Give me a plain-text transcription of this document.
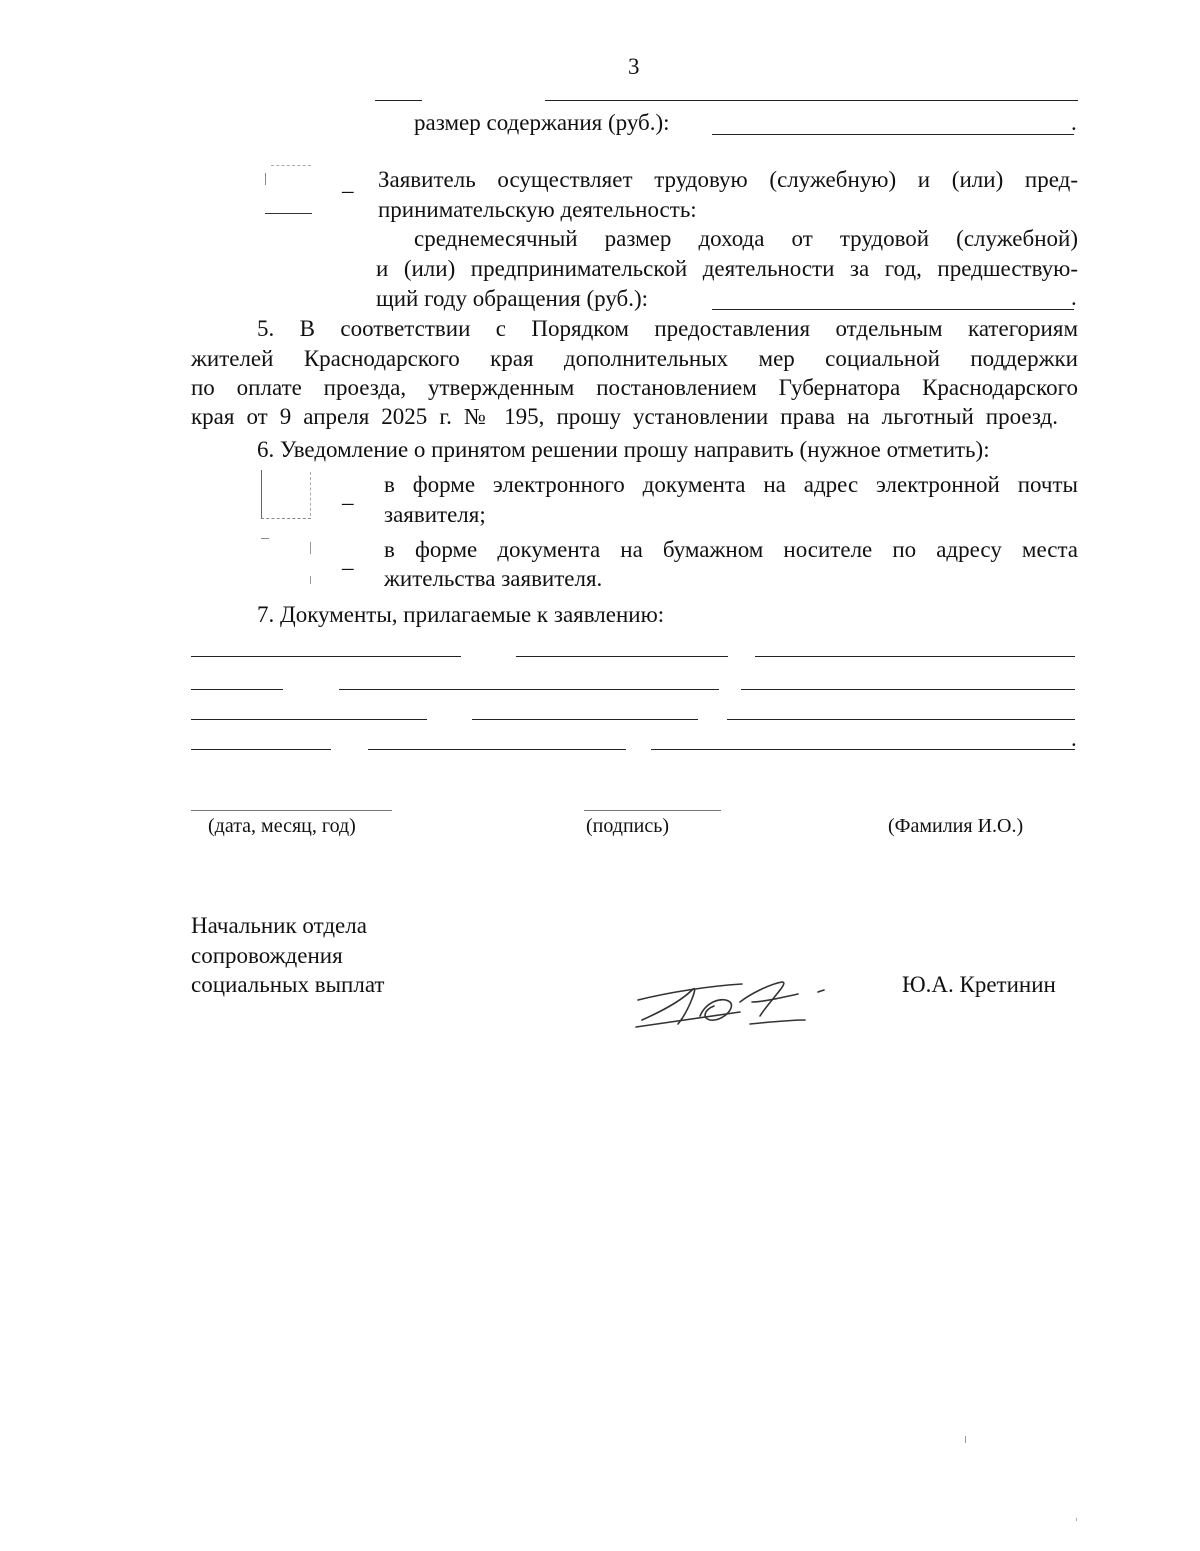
3
размер содержания (руб.):	.
_ Заявитель осуществляет трудовую (служебную) и (или) пред-
принимательскую деятельность:
среднемесячный размер дохода от трудовой (служебной)
и (или) предпринимательской деятельности за год, предшествую-
щий году обращения (руб.):	.
5. В соответствии с Порядком предоставления отдельным категориям
жителей Краснодарского края дополнительных мер социальной поддержки
по оплате проезда, утвержденным постановлением Губернатора Краснодарского
края от 9 апреля 2025 г. № 195, прошу установлении права на льготный проезд.
6. Уведомление о принятом решении прошу направить (нужное отметить):
_ в форме электронного документа на адрес электронной почты
заявителя;
_ в форме документа на бумажном носителе по адресу места
жительства заявителя.
7. Документы, прилагаемые к заявлению:
.
(дата, месяц, год)	(подпись)	(Фамилия И.О.)
Начальник отдела
сопровождения
социальных выплат	Ю.А. Кретинин
